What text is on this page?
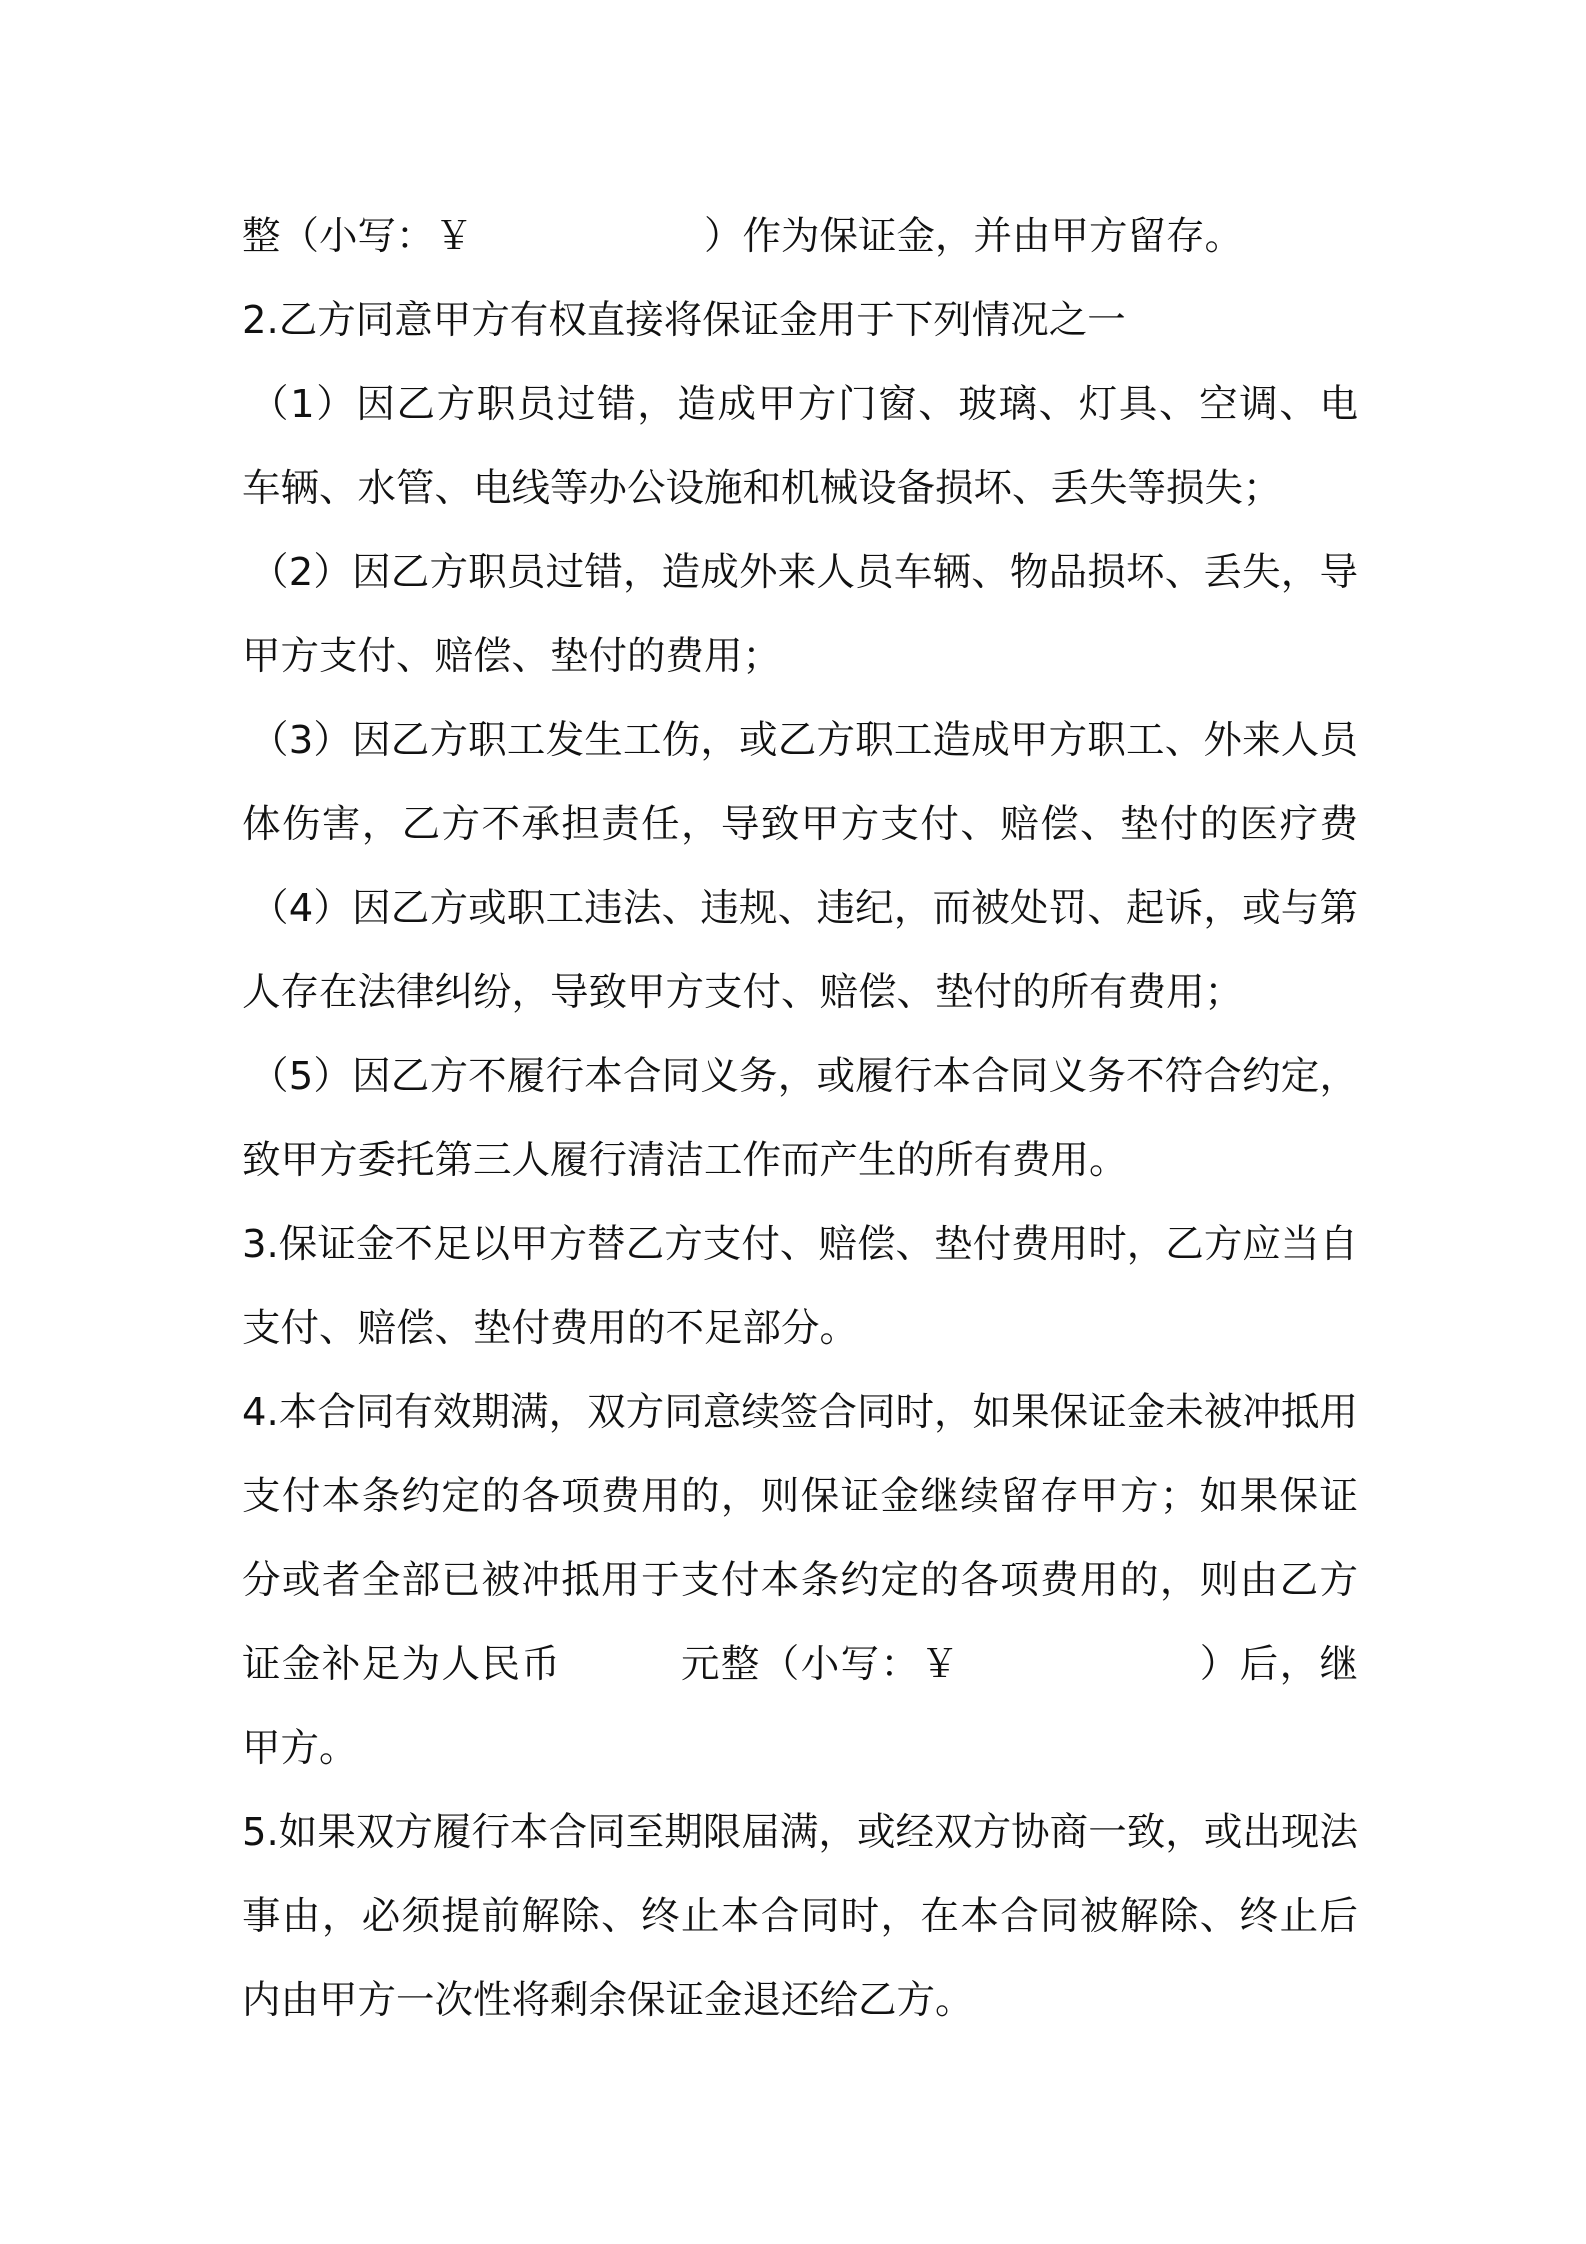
整（小写：￥　　　　　　）作为保证金，并由甲方留存。
2.乙方同意甲方有权直接将保证金用于下列情况之一
（1）因乙方职员过错，造成甲方门窗、玻璃、灯具、空调、电
车辆、水管、电线等办公设施和机械设备损坏、丢失等损失；
（2）因乙方职员过错，造成外来人员车辆、物品损坏、丢失，导
甲方支付、赔偿、垫付的费用；
（3）因乙方职工发生工伤，或乙方职工造成甲方职工、外来人员
体伤害，乙方不承担责任，导致甲方支付、赔偿、垫付的医疗费
（4）因乙方或职工违法、违规、违纪，而被处罚、起诉，或与第
人存在法律纠纷，导致甲方支付、赔偿、垫付的所有费用；
（5）因乙方不履行本合同义务，或履行本合同义务不符合约定，
致甲方委托第三人履行清洁工作而产生的所有费用。
3.保证金不足以甲方替乙方支付、赔偿、垫付费用时，乙方应当自
支付、赔偿、垫付费用的不足部分。
4.本合同有效期满，双方同意续签合同时，如果保证金未被冲抵用
支付本条约定的各项费用的，则保证金继续留存甲方；如果保证
分或者全部已被冲抵用于支付本条约定的各项费用的，则由乙方
证金补足为人民币　　　元整（小写：￥　　　　　　）后，继
甲方。
5.如果双方履行本合同至期限届满，或经双方协商一致，或出现法
事由，必须提前解除、终止本合同时，在本合同被解除、终止后　　
内由甲方一次性将剩余保证金退还给乙方。
